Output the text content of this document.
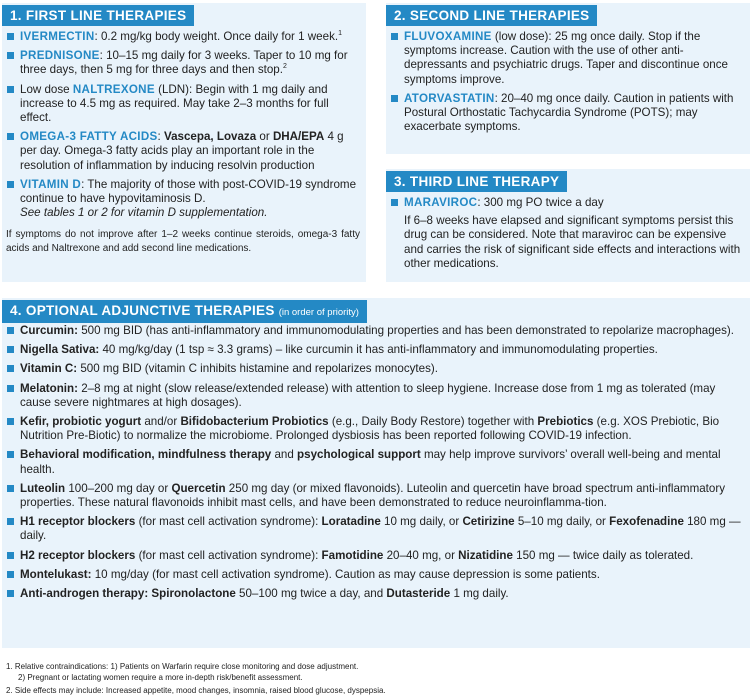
1. FIRST LINE THERAPIES
IVERMECTIN: 0.2 mg/kg body weight. Once daily for 1 week.$^1$
PREDNISONE: 10–15 mg daily for 3 weeks. Taper to 10 mg for three days, then 5 mg for three days and then stop.$^2$
Low dose NALTREXONE (LDN): Begin with 1 mg daily and increase to 4.5 mg as required. May take 2–3 months for full effect.
OMEGA-3 FATTY ACIDS: Vascepa, Lovaza or DHA/EPA 4 g per day. Omega-3 fatty acids play an important role in the resolution of inflammation by inducing resolvin production
VITAMIN D: The majority of those with post-COVID-19 syndrome continue to have hypovitaminosis D.
See tables 1 or 2 for vitamin D supplementation.
If symptoms do not improve after 1–2 weeks continue steroids, omega-3 fatty acids and Naltrexone and add second line medications.
2. SECOND LINE THERAPIES
FLUVOXAMINE (low dose): 25 mg once daily. Stop if the symptoms increase. Caution with the use of other anti-depressants and psychiatric drugs. Taper and discontinue once symptoms improve.
ATORVASTATIN: 20–40 mg once daily. Caution in patients with Postural Orthostatic Tachycardia Syndrome (POTS); may exacerbate symptoms.
3. THIRD LINE THERAPY
MARAVIROC: 300 mg PO twice a day
If 6–8 weeks have elapsed and significant symptoms persist this drug can be considered. Note that maraviroc can be expensive and carries the risk of significant side effects and interactions with other medications.
4. OPTIONAL ADJUNCTIVE THERAPIES (in order of priority)
Curcumin: 500 mg BID (has anti-inflammatory and immunomodulating properties and has been demonstrated to repolarize macrophages).
Nigella Sativa: 40 mg/kg/day (1 tsp ≈ 3.3 grams) – like curcumin it has anti-inflammatory and immunomodulating properties.
Vitamin C: 500 mg BID (vitamin C inhibits histamine and repolarizes monocytes).
Melatonin: 2–8 mg at night (slow release/extended release) with attention to sleep hygiene. Increase dose from 1 mg as tolerated (may cause severe nightmares at high dosages).
Kefir, probiotic yogurt and/or Bifidobacterium Probiotics (e.g., Daily Body Restore) together with Prebiotics (e.g. XOS Prebiotic, Bio Nutrition Pre-Biotic) to normalize the microbiome. Prolonged dysbiosis has been reported following COVID-19 infection.
Behavioral modification, mindfulness therapy and psychological support may help improve survivors’ overall well-being and mental health.
Luteolin 100–200 mg day or Quercetin 250 mg day (or mixed flavonoids). Luteolin and quercetin have broad spectrum anti-inflammatory properties. These natural flavonoids inhibit mast cells, and have been demonstrated to reduce neuroinflamma-tion.
H1 receptor blockers (for mast cell activation syndrome): Loratadine 10 mg daily, or Cetirizine 5–10 mg daily, or Fexofenadine 180 mg — daily.
H2 receptor blockers (for mast cell activation syndrome): Famotidine 20–40 mg, or Nizatidine 150 mg — twice daily as tolerated.
Montelukast: 10 mg/day (for mast cell activation syndrome). Caution as may cause depression is some patients.
Anti-androgen therapy: Spironolactone 50–100 mg twice a day, and Dutasteride 1 mg daily.
1. Relative contraindications: 1) Patients on Warfarin require close monitoring and dose adjustment.
2) Pregnant or lactating women require a more in-depth risk/benefit assessment.
2. Side effects may include: Increased appetite, mood changes, insomnia, raised blood glucose, dyspepsia.
